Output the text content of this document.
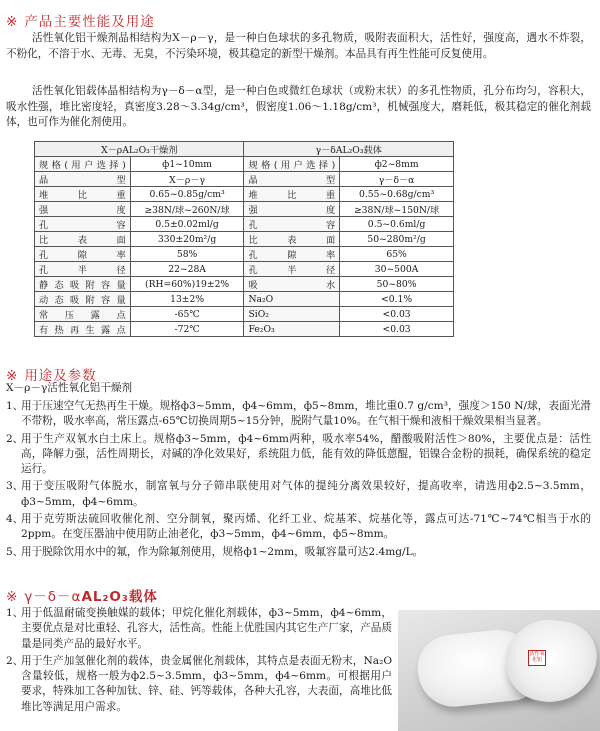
※ 产品主要性能及用途
活性氧化铝干燥剂晶相结构为X－ρ－γ，是一种白色球状的多孔物质，吸附表面积大，活性好，强度高，遇水不炸裂，不粉化，不溶于水、无毒、无臭，不污染环境，极其稳定的新型干燥剂。本品具有再生性能可反复使用。
活性氧化铝载体晶相结构为γ－δ－α型，是一种白色或微红色球状（或粉末状）的多孔性物质，孔分布均匀，容积大，吸水性强，堆比密度轻，真密度3.28～3.34g/cm³，假密度1.06～1.18g/cm³，机械强度大，磨耗低，极其稳定的催化剂载体，也可作为催化剂使用。
X－ρAL₂O₃干燥剂		γ－δAL₂O₃载体	
规格(用户选择)	ф1~10mm	规格(用户选择)	ф2~8mm
晶型	X－ρ－γ	晶型	γ－δ－α
堆比重	0.65~0.85g/cm³	堆比重	0.55~0.68g/cm³
强度	≥38N/球~260N/球	强度	≥38N/球~150N/球
孔容	0.5±0.02ml/g	孔容	0.5~0.6ml/g
比表面	330±20m²/g	比表面	50~280m²/g
孔隙率	58%	孔隙率	65%
孔半径	22~28A	孔半径	30~500A
静态吸附容量	(RH=60%)19±2%	吸水	50~80%
动态吸附容量	13±2%	Na₂O	<0.1%
常压露点	-65℃	SiO₂	<0.03
有热再生露点	-72℃	Fe₂O₃	<0.03
※ 用途及参数
X－ρ－γ活性氧化铝干燥剂
1、
用于压速空气无热再生干燥。规格ф3~5mm，ф4~6mm，ф5~8mm，堆比重0.7 g/cm³，强度＞150 N/球，表面光滑不带粉，吸水率高，常压露点-65℃切换周期5~15分钟，脱附气量10%。在气相干燥和液相干燥效果相当显著。
2、
用于生产双氧水白土床上。规格ф3~5mm，ф4~6mm两种，吸水率54%，醋酸吸附活性＞80%，主要优点是：活性高，降解力强，活性周期长，对碱的净化效果好，系统阻力低，能有效的降低蒽醌，铝镍合金粉的损耗，确保系统的稳定运行。
3、
用于变压吸附气体脱水，制富氧与分子筛串联使用对气体的提纯分离效果较好，提高收率，请选用ф2.5~3.5mm，ф3~5mm，ф4~6mm。
4、
用于克劳斯法硫回收催化剂、空分制氧，聚丙烯、化纤工业、烷基苯、烷基化等，露点可达-71℃~74℃相当于水的2ppm。在变压器油中使用防止油老化，ф3~5mm，ф4~6mm，ф5~8mm。
5、
用于脱除饮用水中的氟，作为除氟剂使用，规格ф1~2mm，吸氟容量可达2.4mg/L。
※ γ－δ－αAL₂O₃载体
1、
用于低温耐硫变换触媒的载体；甲烷化催化剂载体，ф3~5mm，ф4~6mm，主要优点是对比重轻、孔容大，活性高。性能上优胜国内其它生产厂家，产品质量是同类产品的最好水平。
2、
用于生产加氢催化剂的载体，贵金属催化剂载体，其特点是表面无粉末，Na₂O含量较低，规格一般为ф2.5~3.5mm，ф3~5mm，ф4~6mm。可根据用户要求，特殊加工各种加钛、锌、硅、钙等载体，各种大孔容，大表面，高堆比低堆比等满足用户需求。
活性氧化铝
